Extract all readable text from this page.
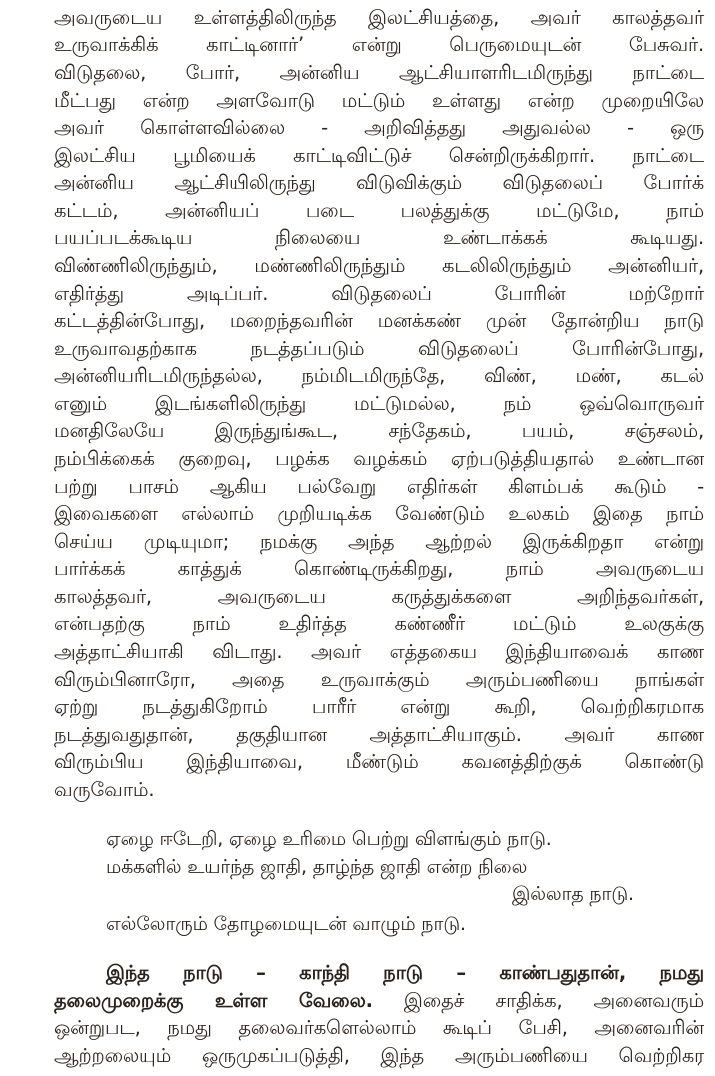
அவருடைய உள்ளத்திலிருந்த இலட்சியத்தை, அவர் காலத்தவர்
உருவாக்கிக் காட்டினார்’ என்று பெருமையுடன் பேசுவர்.
விடுதலை, போர், அன்னிய ஆட்சியாளரிடமிருந்து நாட்டை
மீட்பது என்ற அளவோடு மட்டும் உள்ளது என்ற முறையிலே
அவர் கொள்ளவில்லை - அறிவித்தது அதுவல்ல - ஒரு
இலட்சிய பூமியைக் காட்டிவிட்டுச் சென்றிருக்கிறார். நாட்டை
அன்னிய ஆட்சியிலிருந்து விடுவிக்கும் விடுதலைப் போர்க்
கட்டம், அன்னியப் படை பலத்துக்கு மட்டுமே, நாம்
பயப்படக்கூடிய நிலையை உண்டாக்கக் கூடியது.
விண்ணிலிருந்தும், மண்ணிலிருந்தும் கடலிலிருந்தும் அன்னியர்,
எதிர்த்து அடிப்பர். விடுதலைப் போரின் மற்றோர்
கட்டத்தின்போது, மறைந்தவரின் மனக்கண் முன் தோன்றிய நாடு
உருவாவதற்காக நடத்தப்படும் விடுதலைப் போரின்போது,
அன்னியரிடமிருந்தல்ல, நம்மிடமிருந்தே, விண், மண், கடல்
எனும் இடங்களிலிருந்து மட்டுமல்ல, நம் ஒவ்வொருவர்
மனதிலேயே இருந்துங்கூட, சந்தேகம், பயம், சஞ்சலம்,
நம்பிக்கைக் குறைவு, பழக்க வழக்கம் ஏற்படுத்தியதால் உண்டான
பற்று பாசம் ஆகிய பல்வேறு எதிர்கள் கிளம்பக் கூடும் -
இவைகளை எல்லாம் முறியடிக்க வேண்டும் உலகம் இதை நாம்
செய்ய முடியுமா; நமக்கு அந்த ஆற்றல் இருக்கிறதா என்று
பார்க்கக் காத்துக் கொண்டிருக்கிறது, நாம் அவருடைய
காலத்தவர், அவருடைய கருத்துக்களை அறிந்தவர்கள்,
என்பதற்கு நாம் உதிர்த்த கண்ணீர் மட்டும் உலகுக்கு
அத்தாட்சியாகி விடாது. அவர் எத்தகைய இந்தியாவைக் காண
விரும்பினாரோ, அதை உருவாக்கும் அரும்பணியை நாங்கள்
ஏற்று நடத்துகிறோம் பாரீர் என்று கூறி, வெற்றிகரமாக
நடத்துவதுதான், தகுதியான அத்தாட்சியாகும். அவர் காண
விரும்பிய இந்தியாவை, மீண்டும் கவனத்திற்குக் கொண்டு
வருவோம்.
ஏழை ஈடேறி, ஏழை உரிமை பெற்று விளங்கும் நாடு.
மக்களில் உயர்ந்த ஜாதி, தாழ்ந்த ஜாதி என்ற நிலை
இல்லாத நாடு.
எல்லோரும் தோழமையுடன் வாழும் நாடு.
இந்த நாடு – காந்தி நாடு – காண்பதுதான், நமது
தலைமுறைக்கு உள்ள வேலை. இதைச் சாதிக்க, அனைவரும்
ஒன்றுபட, நமது தலைவர்களெல்லாம் கூடிப் பேசி, அனைவரின்
ஆற்றலையும் ஒருமுகப்படுத்தி, இந்த அரும்பணியை வெற்றிகர
